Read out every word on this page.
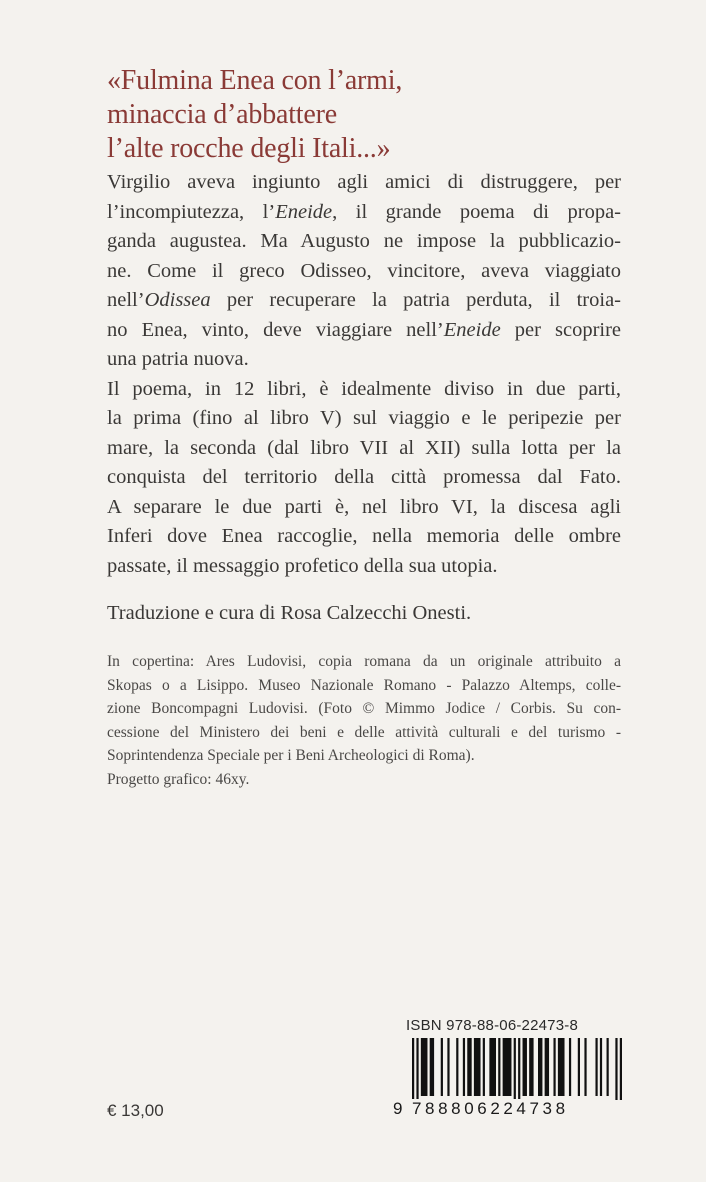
«Fulmina Enea con l’armi,
minaccia d’abbattere
l’alte rocche degli Itali...»
Virgilio aveva ingiunto agli amici di distruggere, per
l’incompiutezza, l’Eneide, il grande poema di propa-
ganda augustea. Ma Augusto ne impose la pubblicazio-
ne. Come il greco Odisseo, vincitore, aveva viaggiato
nell’Odissea per recuperare la patria perduta, il troia-
no Enea, vinto, deve viaggiare nell’Eneide per scoprire
una patria nuova.
Il poema, in 12 libri, è idealmente diviso in due parti,
la prima (fino al libro V) sul viaggio e le peripezie per
mare, la seconda (dal libro VII al XII) sulla lotta per la
conquista del territorio della città promessa dal Fato.
A separare le due parti è, nel libro VI, la discesa agli
Inferi dove Enea raccoglie, nella memoria delle ombre
passate, il messaggio profetico della sua utopia.
Traduzione e cura di Rosa Calzecchi Onesti.
In copertina: Ares Ludovisi, copia romana da un originale attribuito a
Skopas o a Lisippo. Museo Nazionale Romano - Palazzo Altemps, colle-
zione Boncompagni Ludovisi. (Foto © Mimmo Jodice / Corbis. Su con-
cessione del Ministero dei beni e delle attività culturali e del turismo -
Soprintendenza Speciale per i Beni Archeologici di Roma).
Progetto grafico: 46xy.
ISBN 978-88-06-22473-8
9 788806224738
€ 13,00
